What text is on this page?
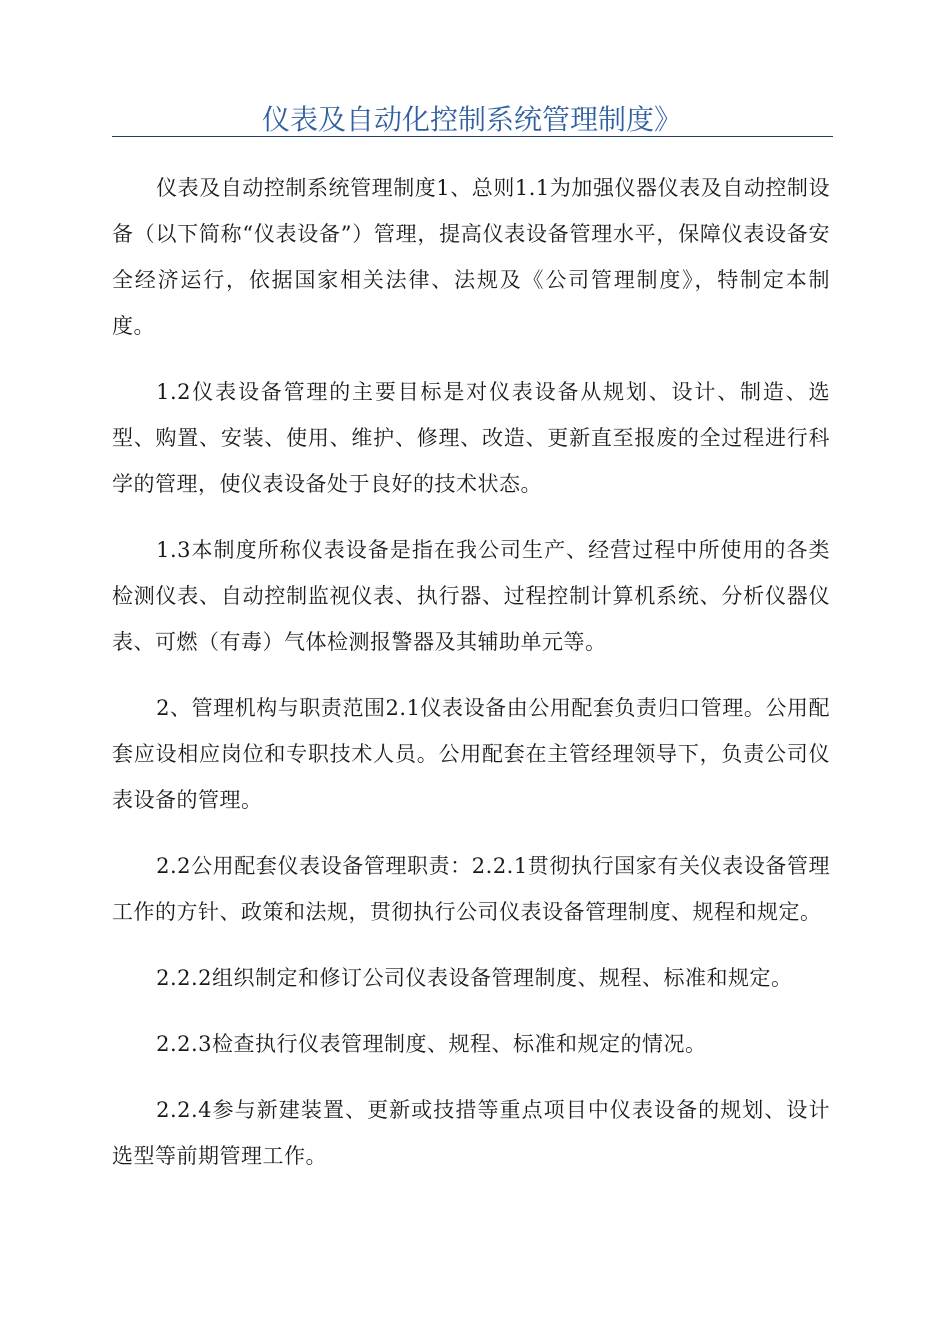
仪表及自动化控制系统管理制度》

仪表及自动控制系统管理制度1、总则1.1为加强仪器仪表及自动控制设备（以下简称“仪表设备”）管理，提高仪表设备管理水平，保障仪表设备安全经济运行，依据国家相关法律、法规及《公司管理制度》，特制定本制度。

1.2仪表设备管理的主要目标是对仪表设备从规划、设计、制造、选型、购置、安装、使用、维护、修理、改造、更新直至报废的全过程进行科学的管理，使仪表设备处于良好的技术状态。

1.3本制度所称仪表设备是指在我公司生产、经营过程中所使用的各类检测仪表、自动控制监视仪表、执行器、过程控制计算机系统、分析仪器仪表、可燃（有毒）气体检测报警器及其辅助单元等。

2、管理机构与职责范围2.1仪表设备由公用配套负责归口管理。公用配套应设相应岗位和专职技术人员。公用配套在主管经理领导下，负责公司仪表设备的管理。

2.2公用配套仪表设备管理职责：2.2.1贯彻执行国家有关仪表设备管理工作的方针、政策和法规，贯彻执行公司仪表设备管理制度、规程和规定。

2.2.2组织制定和修订公司仪表设备管理制度、规程、标准和规定。

2.2.3检查执行仪表管理制度、规程、标准和规定的情况。

2.2.4参与新建装置、更新或技措等重点项目中仪表设备的规划、设计选型等前期管理工作。
